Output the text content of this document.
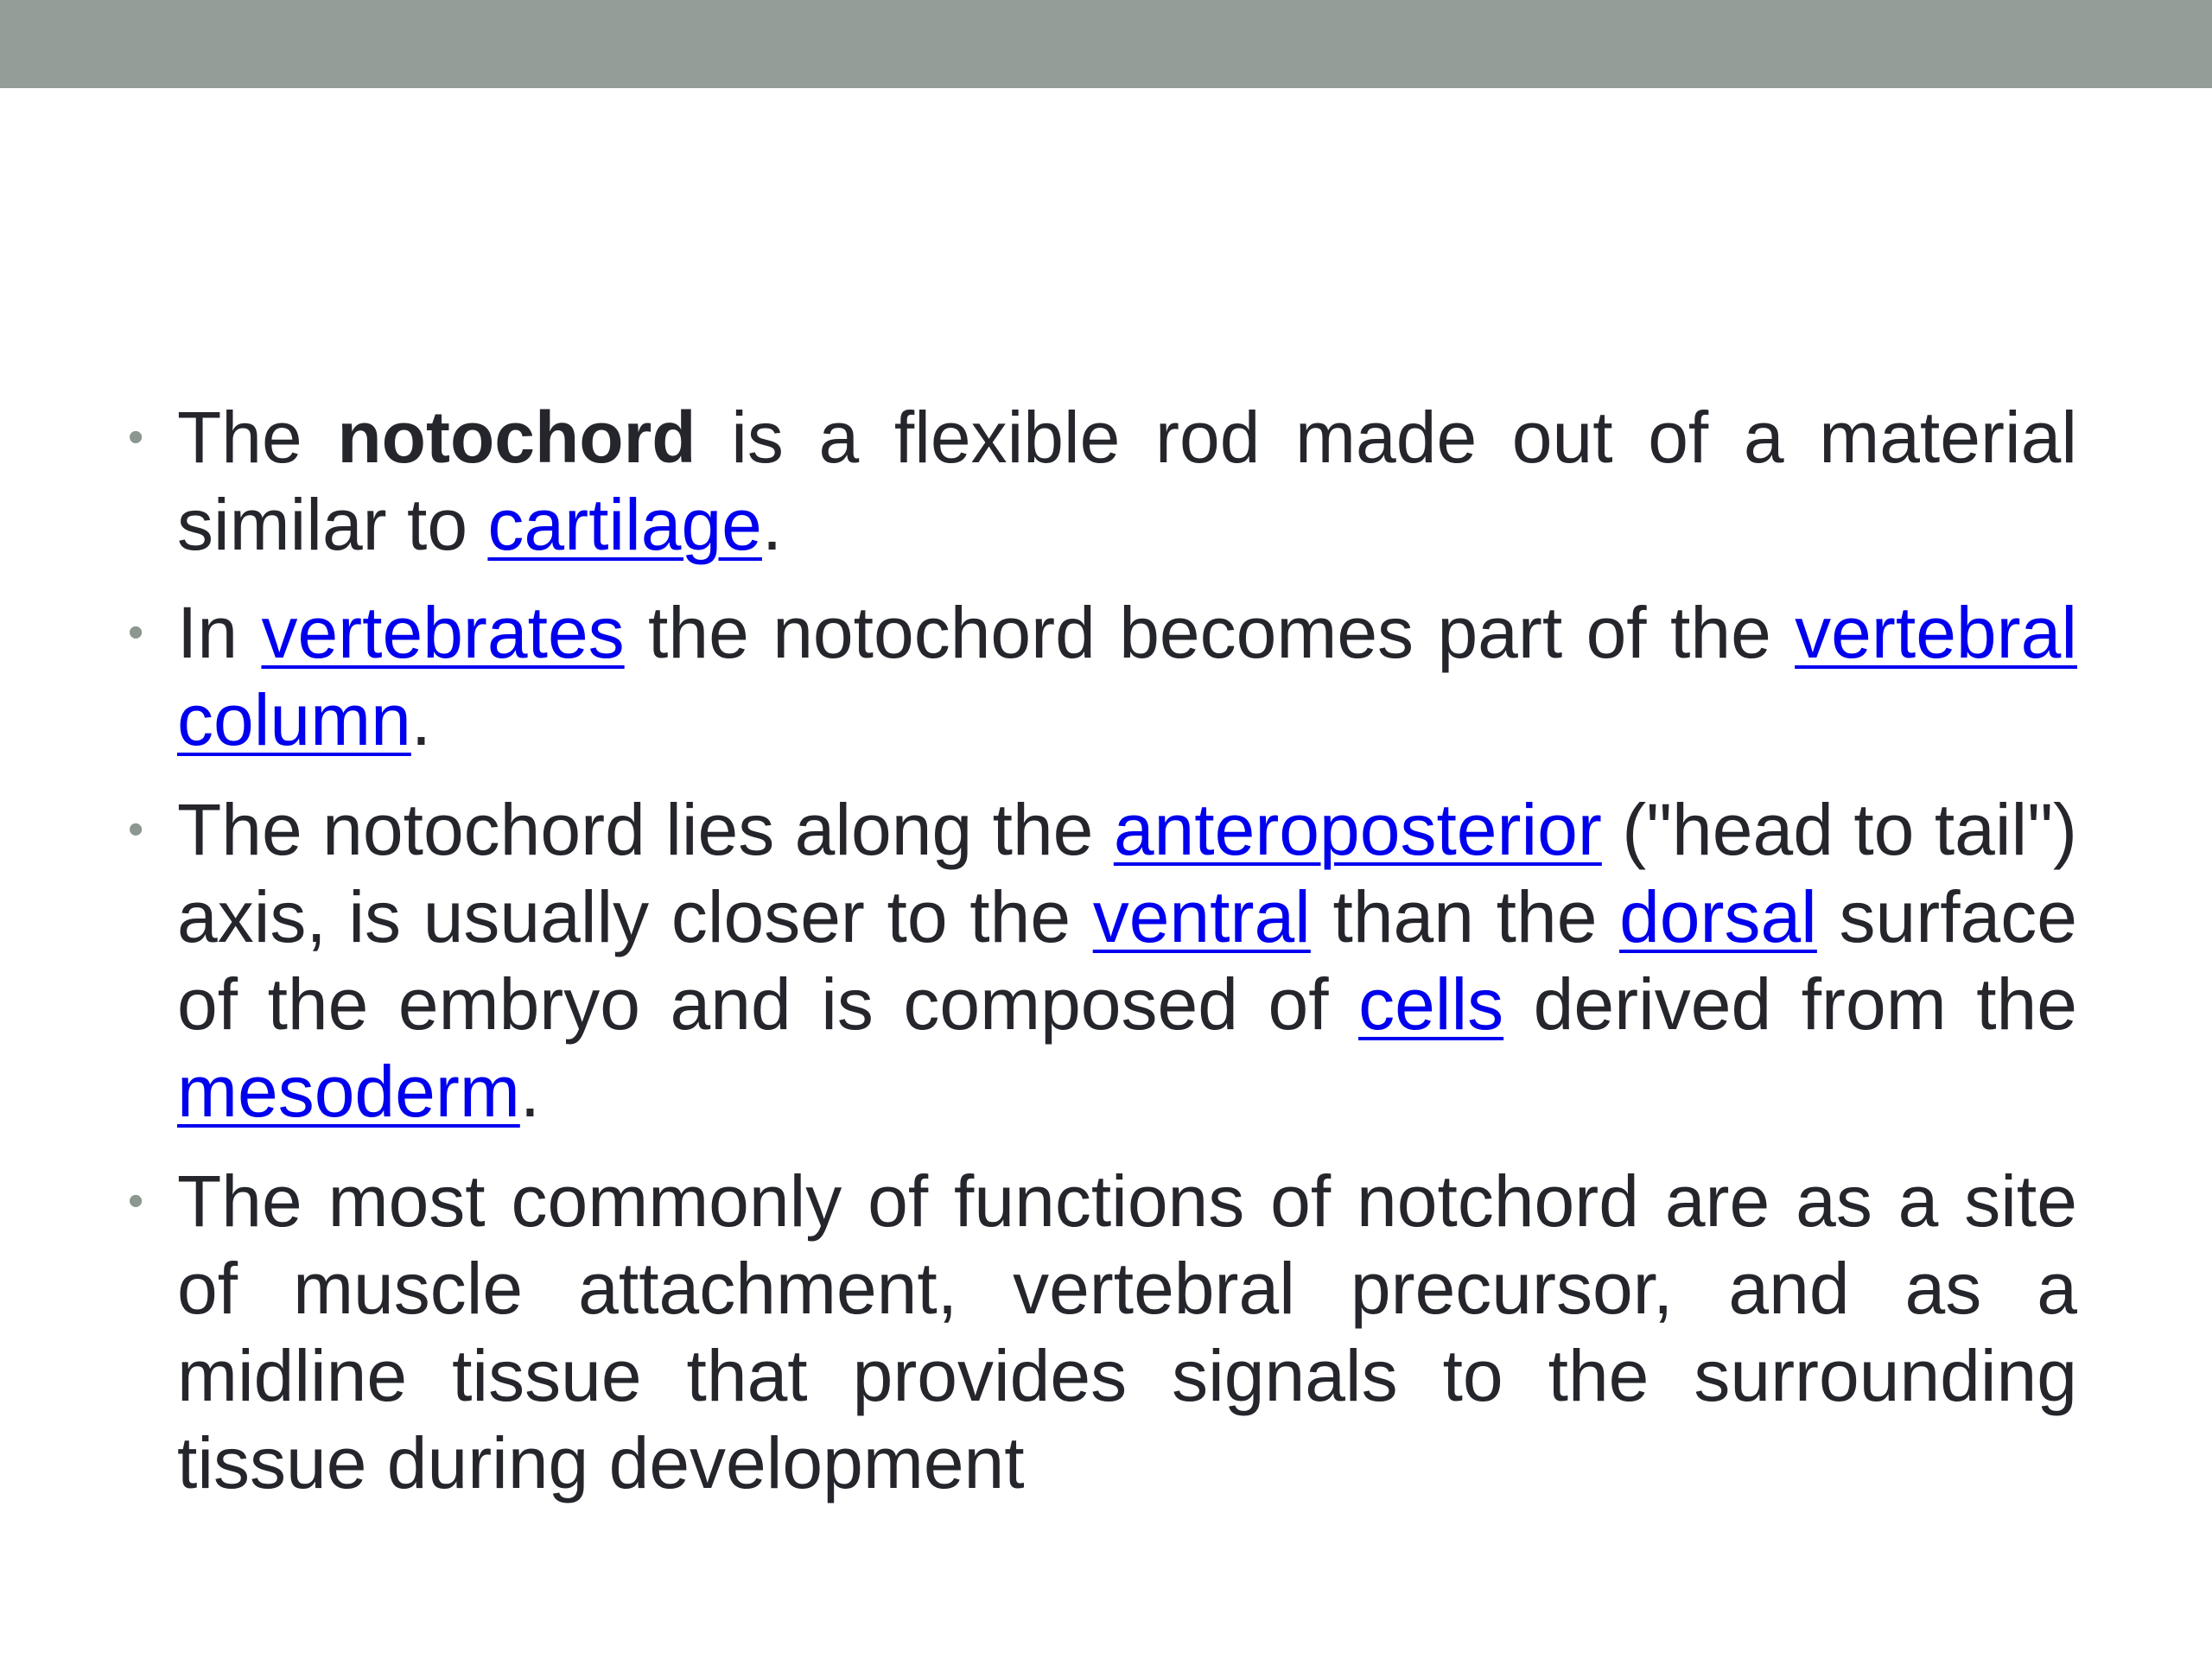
• The notochord is a flexible rod made out of a material similar to cartilage.
• In vertebrates the notochord becomes part of the vertebral column.
• The notochord lies along the anteroposterior ("head to tail") axis, is usually closer to the ventral than the dorsal surface of the embryo and is composed of cells derived from the mesoderm.
• The most commonly of functions of notchord are as a site of muscle attachment, vertebral precursor, and as a midline tissue that provides signals to the surrounding tissue during development
